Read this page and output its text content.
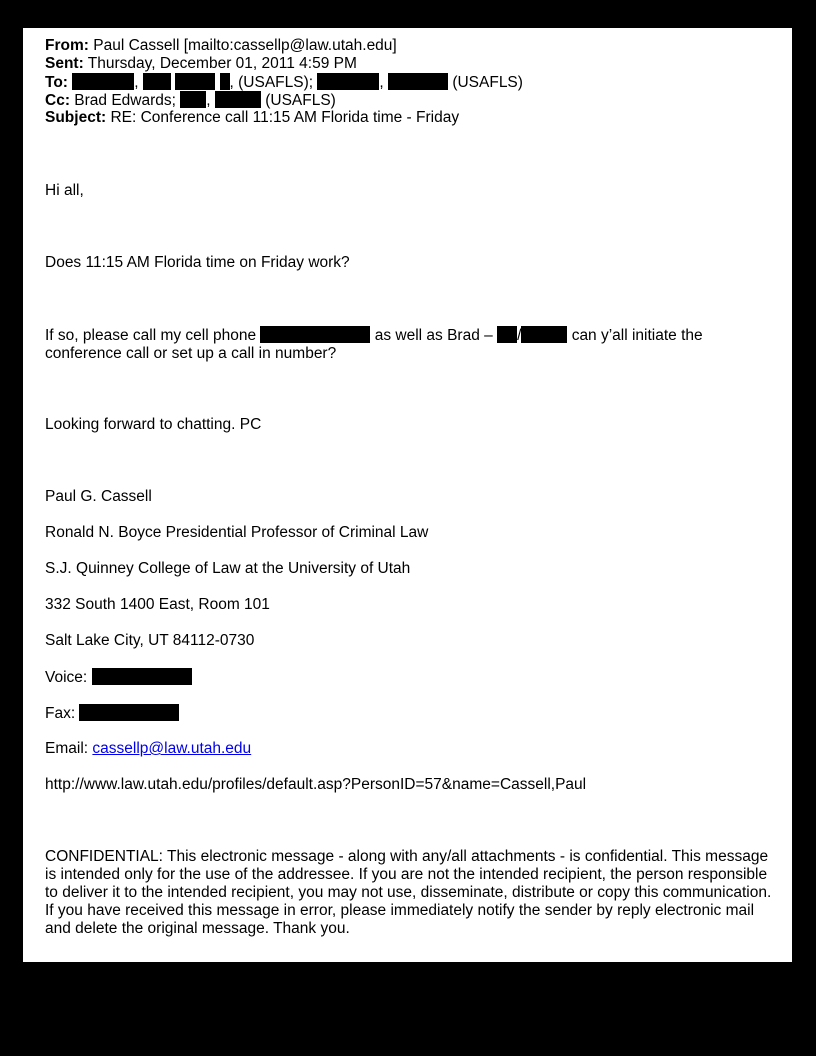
From: Paul Cassell [mailto:cassellp@law.utah.edu]
Sent: Thursday, December 01, 2011 4:59 PM
To:	,	, (USAFLS);	,	(USAFLS)
Cc: Brad Edwards; ,	(USAFLS)
Subject: RE: Conference call 11:15 AM Florida time - Friday
Hi all,
Does 11:15 AM Florida time on Friday work?
If so, please call my cell phone	as well as Brad – /	can y’all initiate the conference call or set up a call in number?
Looking forward to chatting. PC
Paul G. Cassell
Ronald N. Boyce Presidential Professor of Criminal Law
S.J. Quinney College of Law at the University of Utah
332 South 1400 East, Room 101
Salt Lake City, UT 84112-0730
Voice:
Fax:
Email: cassellp@law.utah.edu
http://www.law.utah.edu/profiles/default.asp?PersonID=57&name=Cassell,Paul
CONFIDENTIAL: This electronic message - along with any/all attachments - is confidential. This message is intended only for the use of the addressee. If you are not the intended recipient, the person responsible to deliver it to the intended recipient, you may not use, disseminate, distribute or copy this communication. If you have received this message in error, please immediately notify the sender by reply electronic mail and delete the original message. Thank you.
